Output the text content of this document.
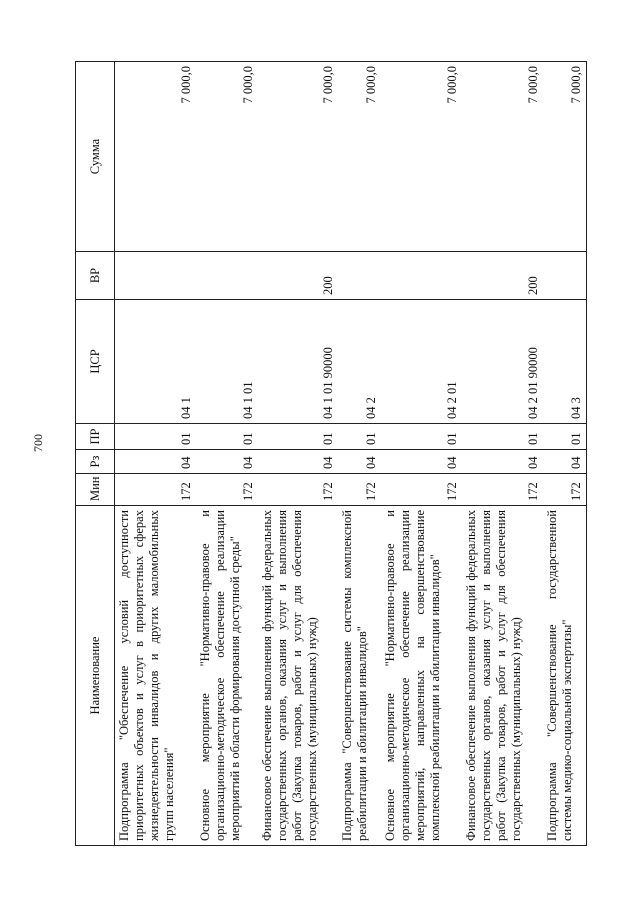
700
Наименование	Мин	Рз	ПР	ЦСР	ВР	Сумма
Подпрограмма "Обеспечение условий доступности приоритетных объектов и услуг в приоритетных сферах жизнедеятельности инвалидов и других маломобильных групп населения"	172	04	01	04 1		7 000,0
Основное мероприятие "Нормативно-правовое и организационно-методическое обеспечение реализации мероприятий в области формирования доступной среды"	172	04	01	04 1 01		7 000,0
Финансовое обеспечение выполнения функций федеральных государственных органов, оказания услуг и выполнения работ (Закупка товаров, работ и услуг для обеспечения государственных (муниципальных) нужд)	172	04	01	04 1 01 90000	200	7 000,0
Подпрограмма "Совершенствование системы комплексной реабилитации и абилитации инвалидов"	172	04	01	04 2		7 000,0
Основное мероприятие "Нормативно-правовое и организационно-методическое обеспечение реализации мероприятий, направленных на совершенствование комплексной реабилитации и абилитации инвалидов"	172	04	01	04 2 01		7 000,0
Финансовое обеспечение выполнения функций федеральных государственных органов, оказания услуг и выполнения работ (Закупка товаров, работ и услуг для обеспечения государственных (муниципальных) нужд)	172	04	01	04 2 01 90000	200	7 000,0
Подпрограмма "Совершенствование государственной системы медико-социальной экспертизы"	172	04	01	04 3		7 000,0
